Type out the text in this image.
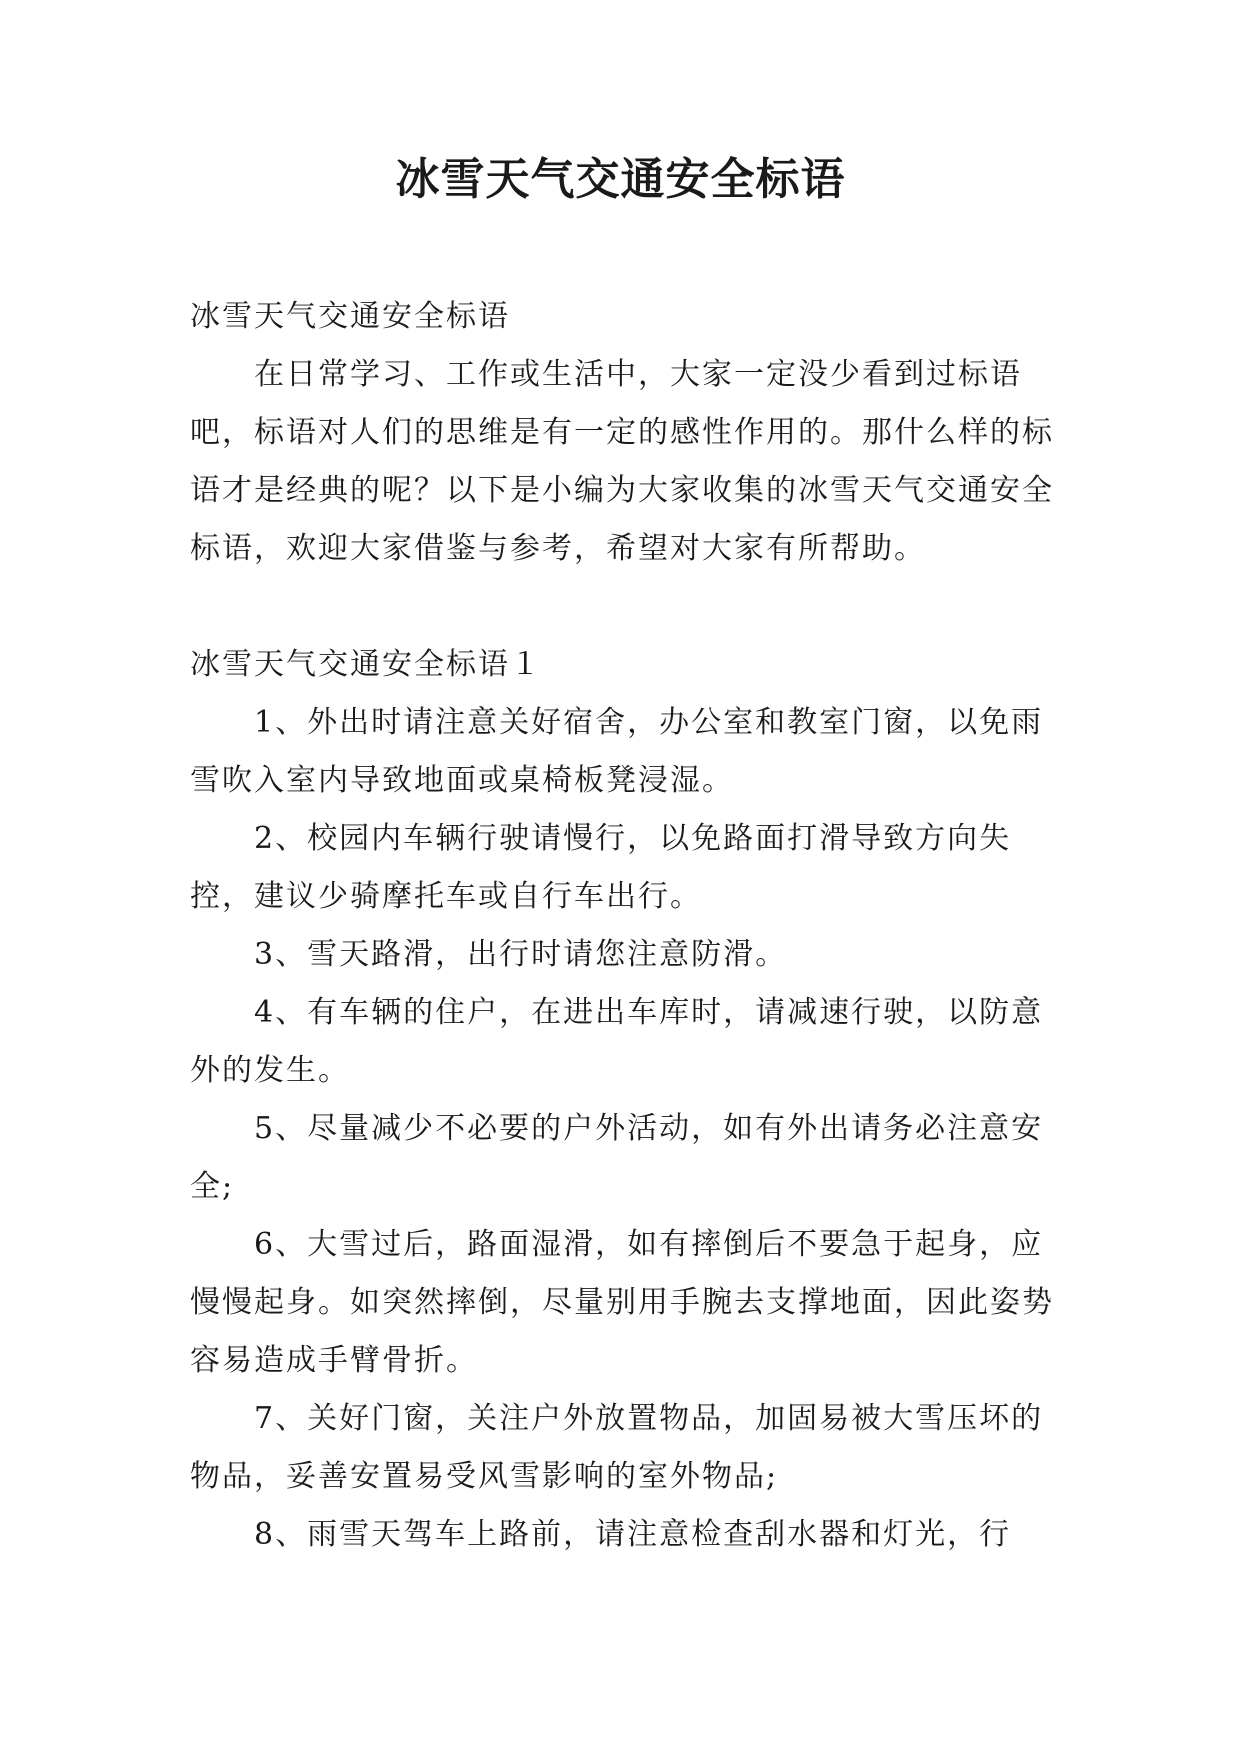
冰雪天气交通安全标语

冰雪天气交通安全标语

在日常学习、工作或生活中，大家一定没少看到过标语吧，标语对人们的思维是有一定的感性作用的。那什么样的标语才是经典的呢？以下是小编为大家收集的冰雪天气交通安全标语，欢迎大家借鉴与参考，希望对大家有所帮助。

冰雪天气交通安全标语１

1、外出时请注意关好宿舍，办公室和教室门窗，以免雨雪吹入室内导致地面或桌椅板凳浸湿。

2、校园内车辆行驶请慢行，以免路面打滑导致方向失控，建议少骑摩托车或自行车出行。

3、雪天路滑，出行时请您注意防滑。

4、有车辆的住户，在进出车库时，请减速行驶，以防意外的发生。

5、尽量减少不必要的户外活动，如有外出请务必注意安全;

6、大雪过后，路面湿滑，如有摔倒后不要急于起身，应慢慢起身。如突然摔倒，尽量别用手腕去支撑地面，因此姿势容易造成手臂骨折。

7、关好门窗，关注户外放置物品，加固易被大雪压坏的物品，妥善安置易受风雪影响的室外物品;

8、雨雪天驾车上路前，请注意检查刮水器和灯光，行
